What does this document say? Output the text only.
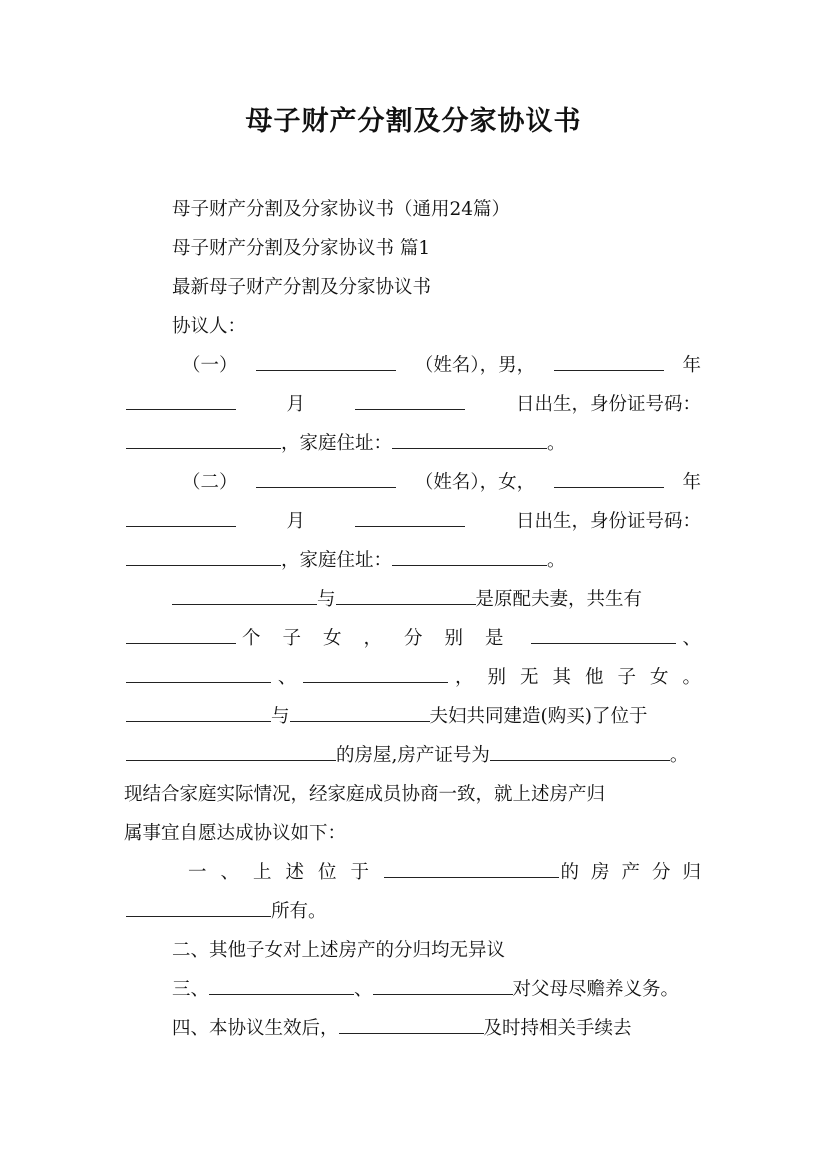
母子财产分割及分家协议书
母子财产分割及分家协议书（通用24篇）
母子财产分割及分家协议书 篇1
最新母子财产分割及分家协议书
协议人：
（一）	（姓名），男，	年
月	日出生，身份证号码：
，家庭住址：	。
（二）	（姓名），女，	年
月	日出生，身份证号码：
，家庭住址：	。
与	是原配夫妻，共生有
个子女，分别是	、
、	，别无其他子女。
与	夫妇共同建造(购买)了位于
的房屋,房产证号为	。
现结合家庭实际情况，经家庭成员协商一致，就上述房产归
属事宜自愿达成协议如下：
一、上述位于	的房产分归
所有。
二、其他子女对上述房产的分归均无异议
三、	、	对父母尽赡养义务。
四、本协议生效后，	及时持相关手续去
